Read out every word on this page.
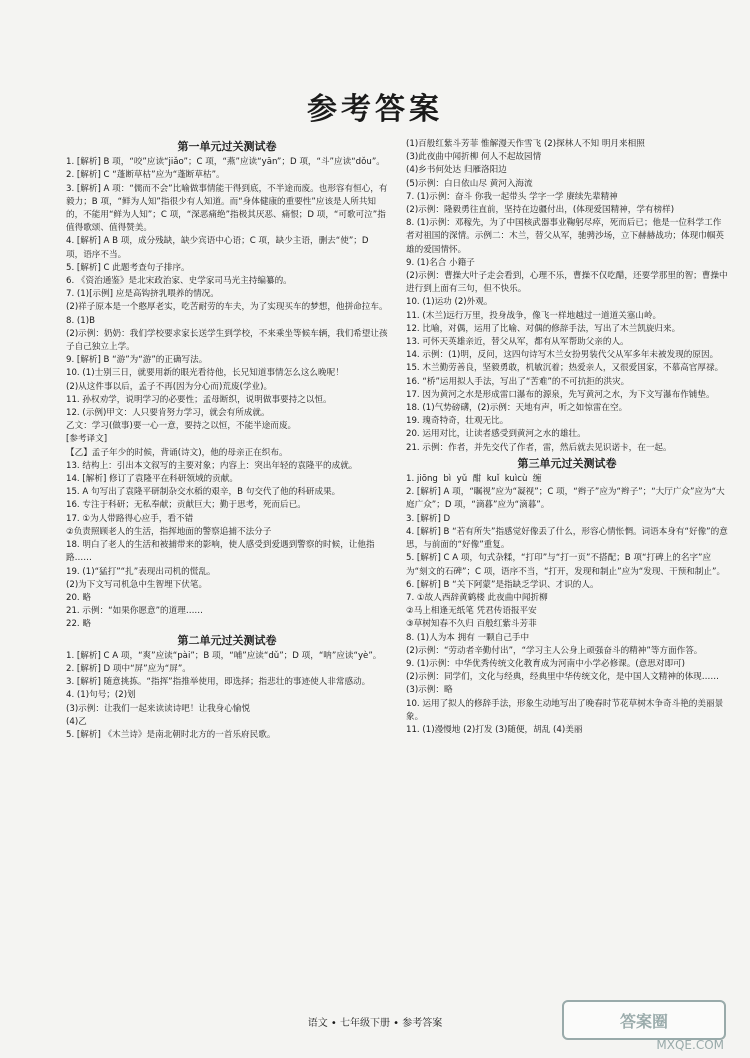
参考答案
第一单元过关测试卷
1. [解析] B 项，“咬”应读“jiǎo”；C 项，“燕”应读“yān”；D 项，“斗”应读“dǒu”。
2. [解析] C “蓬断草枯”应为“蓬断草枯”。
3. [解析] A 项：“儒而不会”比喻做事情能干得到底，不半途而废。也形容有恒心，有毅力；B 项，“鲜为人知”指很少有人知道。而“身体健康的重要性”应该是人所共知的，不能用“鲜为人知”；C 项，“深恶痛绝”指极其厌恶、痛恨；D 项，“可歌可泣”指值得歌颂、值得赞美。
4. [解析] A B 项，成分残缺，缺少宾语中心语；C 项，缺少主语，删去“使”；D 项，语序不当。
5. [解析] C 此题考查句子排序。
6. 《资治通鉴》是北宋政治家、史学家司马光主持编纂的。
7. (1)[示例] 应是高钩挤乳喂养的情况。
(2)祥子原本是一个憨厚老实，吃苦耐劳的车夫，为了实现买车的梦想，他拼命拉车。
8. (1)B
(2)示例：奶奶：我们学校要求家长送学生到学校，不来乘坐等候车辆，我们希望让孩子自己独立上学。
9. [解析] B “游”为“游”的正确写法。
10. (1)士别三日，就要用新的眼光看待他，长兄知道事情怎么这么晚呢！
(2)从这件事以后，孟子不再(因为分心而)荒废(学业)。
11. 孙权劝学，说明学习的必要性；孟母断织，说明做事要持之以恒。
12. (示例)甲文：人只要肯努力学习，就会有所成就。
乙文：学习(做事)要一心一意，要持之以恒，不能半途而废。
[参考译文]
【乙】孟子年少的时候，背诵(诗文)，他的母亲正在织布。
13. 结构上：引出本文叙写的主要对象；内容上：突出年轻的袁隆平的成就。
14. [解析] 修订了袁隆平在科研领域的贡献。
15. A 句写出了袁隆平研制杂交水稻的艰辛，B 句交代了他的科研成果。
16. 专注于科研；无私奉献；贡献巨大；勤于思考，死而后已。
17. ①为人带路得心应手，看不错
②负责照顾老人的生活，指挥地面的警察追捕不法分子
18. 明白了老人的生活和被捕带来的影响，使人感受到爱遇到警察的时候，让他指路……
19. (1)“猛打”“扎”表现出司机的慌乱。
(2)为下文写司机急中生智埋下伏笔。
20. 略
21. 示例：“如果你愿意”的道理……
22. 略
第二单元过关测试卷
1. [解析] C A 项，“爽”应读“pài”；B 项，“哺”应读“dǔ”；D 项，“呐”应读“yè”。
2. [解析] D 项中“屏”应为“屏”。
3. [解析] 随意挑拣。“指挥”指推举使用，即选择；指悲壮的事迹使人非常感动。
4. (1)句号；(2)划
(3)示例：让我们一起来读读诗吧！让我身心愉悦
(4)乙
5. [解析] 《木兰诗》是南北朝时北方的一首乐府民歌。
(1)百般红紫斗芳菲 惟解漫天作雪飞 (2)探林人不知 明月来相照
(3)此夜曲中闻折柳 何人不起故园情
(4)乡书何处达 归雁洛阳边
(5)示例：白日依山尽 黄河入海流
7. (1)示例：奋斗 你我一起带头 学字一学 赓续先辈精神
(2)示例：隆毅勇往直前，坚持在边疆付出，(体现爱国精神，学有榜样)
8. (1)示例：邓稼先，为了中国核武器事业鞠躬尽瘁，死而后已；他是一位科学工作者对祖国的深情。示例二：木兰，替父从军，驰骋沙场，立下赫赫战功；体现巾帼英雄的爱国情怀。
9. (1)名合 小籍子
(2)示例：曹操大叶子走会看到，心理不乐，曹操不仅吃醋，还要学那里的智；曹操中进行到上面有三句，但不快乐。
10. (1)运功 (2)外观。
11. (木兰)远行万里，投身战争，像飞一样地越过一道道关塞山岭。
12. 比喻，对偶，运用了比喻、对偶的修辞手法，写出了木兰凯旋归来。
13. 可怀天英雄亲近，替父从军，都有从军帮助父亲的人。
14. 示例：(1)明，反问，这四句诗写木兰女扮男装代父从军多年未被发现的原因。
15. 木兰勤劳善良，坚毅勇敢，机敏沉着；热爱亲人，又很爱国家，不慕高官厚禄。
16. “桥”运用拟人手法，写出了“苦难”的不可抗拒的洪灾。
17. 因为黄河之水是形成雷口瀑布的源泉，先写黄河之水，为下文写瀑布作铺垫。
18. (1)气势磅礴，(2)示例：天地有声，听之如惊雷在空。
19. 瑰奇特奇，壮观无比。
20. 运用对比，让读者感受到黄河之水的雄壮。
21. 示例：作者，并先交代了作者，雷，然后就去见识诺卡，在一起。
第三单元过关测试卷
1. jiōng  bì  yǔ  酣  kuǐ  kuìcù  缠
2. [解析] A 项，“瞩视”应为“凝视”；C 项，“辫子”应为“辫子”；“大厅广众”应为“大庭广众”；D 项，“滴暮”应为“滴暮”。
3. [解析] D
4. [解析] B “若有所失”指感觉好像丢了什么，形容心情怅惘。词语本身有“好像”的意思，与前面的“好像”重复。
5. [解析] C A 项，句式杂糅，“打印”与“打一页”不搭配；B 项“打碑上的名字”应为“刻文的石碑”；C 项，语序不当，“打开，发现和制止”应为“发现、干预和制止”。
6. [解析] B “关下阿蒙”是指缺乏学识、才识的人。
7. ①故人西辞黄鹤楼 此夜曲中闻折柳
②马上相逢无纸笔 凭君传语报平安
③草树知春不久归 百般红紫斗芳菲
8. (1)人为本 拥有 一颗自己手中
(2)示例：“劳动者辛勤付出”，“学习主人公身上顽强奋斗的精神”等方面作答。
9. (1)示例：中华优秀传统文化教育成为河南中小学必修课。(意思对即可)
(2)示例：同学们，文化与经典，经典里中华传统文化，是中国人文精神的体现……
(3)示例：略
10. 运用了拟人的修辞手法，形象生动地写出了晚春时节花草树木争奇斗艳的美丽景象。
11. (1)漫慢地 (2)打发 (3)随便，胡乱 (4)美丽
语文 • 七年级下册 • 参考答案	答案圈
MXQE.COM
